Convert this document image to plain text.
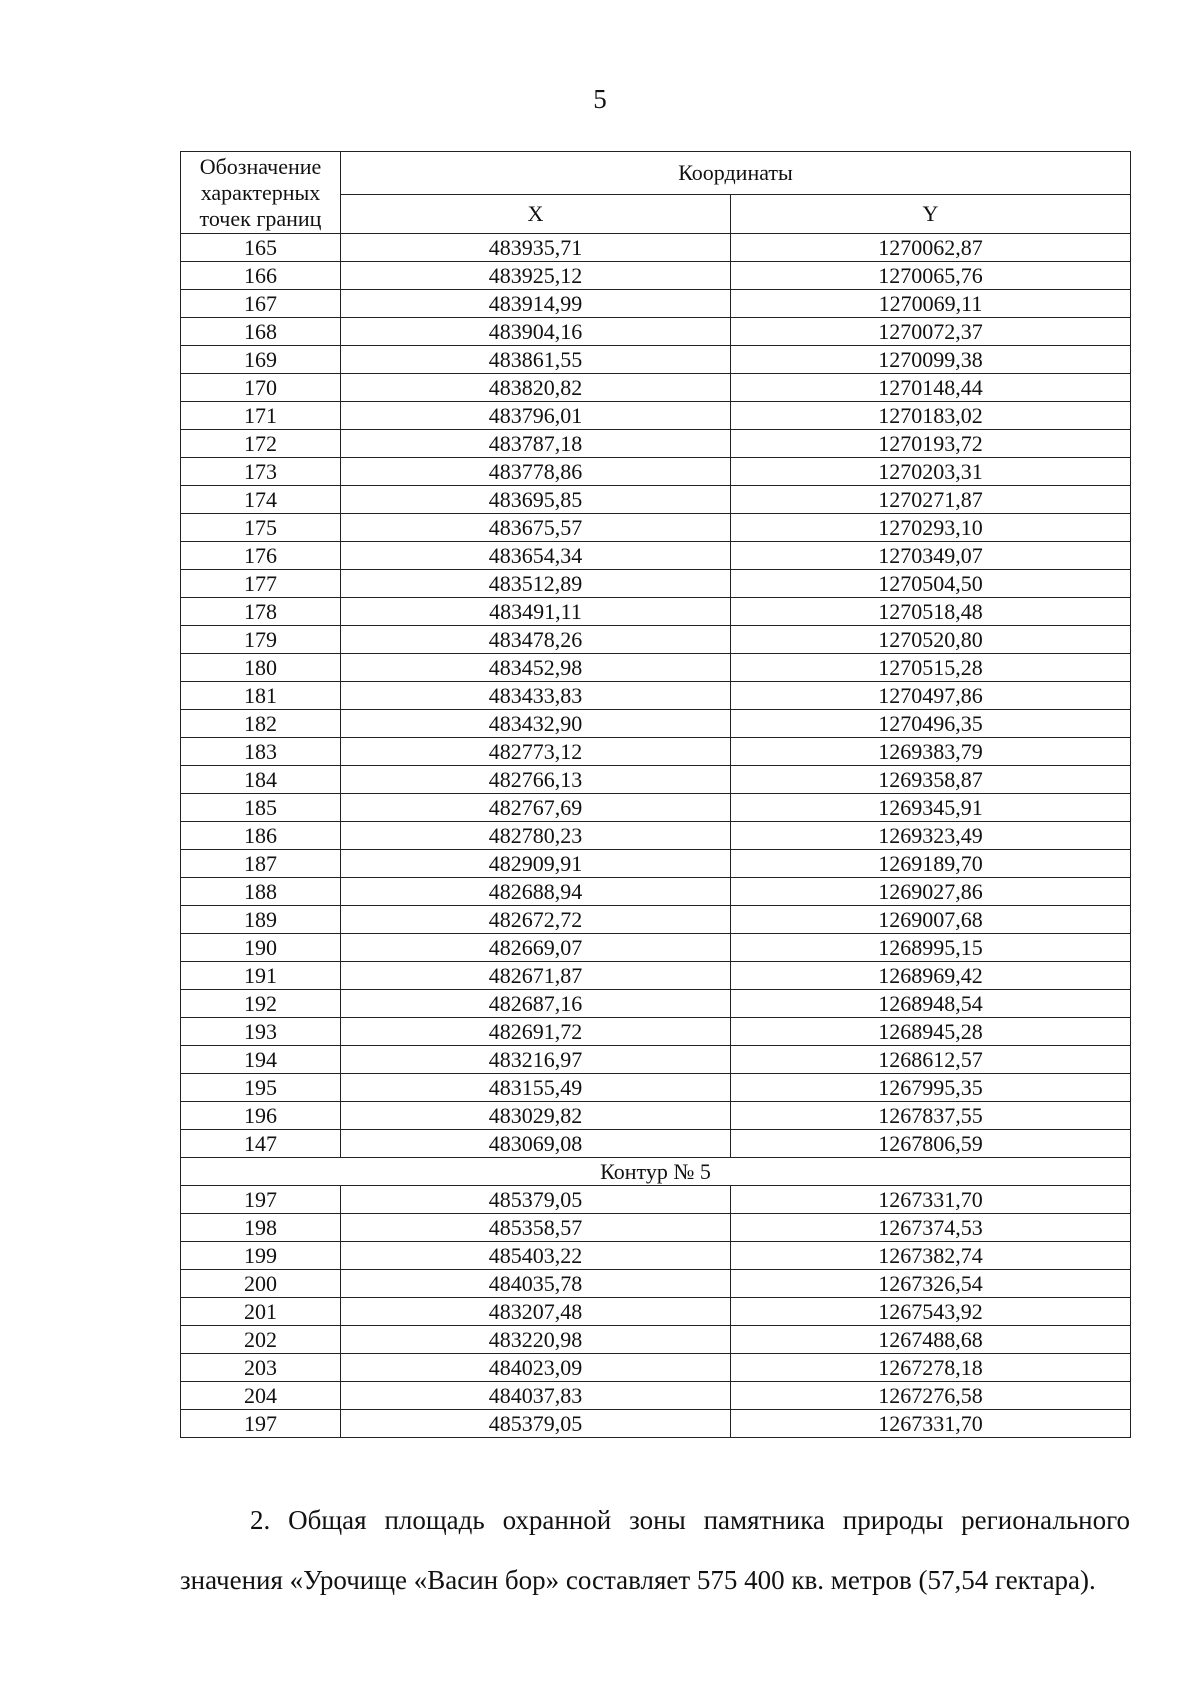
5
Обозначение характерных точек границ	Координаты	
	X	Y
165	483935,71	1270062,87
166	483925,12	1270065,76
167	483914,99	1270069,11
168	483904,16	1270072,37
169	483861,55	1270099,38
170	483820,82	1270148,44
171	483796,01	1270183,02
172	483787,18	1270193,72
173	483778,86	1270203,31
174	483695,85	1270271,87
175	483675,57	1270293,10
176	483654,34	1270349,07
177	483512,89	1270504,50
178	483491,11	1270518,48
179	483478,26	1270520,80
180	483452,98	1270515,28
181	483433,83	1270497,86
182	483432,90	1270496,35
183	482773,12	1269383,79
184	482766,13	1269358,87
185	482767,69	1269345,91
186	482780,23	1269323,49
187	482909,91	1269189,70
188	482688,94	1269027,86
189	482672,72	1269007,68
190	482669,07	1268995,15
191	482671,87	1268969,42
192	482687,16	1268948,54
193	482691,72	1268945,28
194	483216,97	1268612,57
195	483155,49	1267995,35
196	483029,82	1267837,55
147	483069,08	1267806,59
Контур № 5		
197	485379,05	1267331,70
198	485358,57	1267374,53
199	485403,22	1267382,74
200	484035,78	1267326,54
201	483207,48	1267543,92
202	483220,98	1267488,68
203	484023,09	1267278,18
204	484037,83	1267276,58
197	485379,05	1267331,70
2. Общая площадь охранной зоны памятника природы регионального
значения «Урочище «Васин бор» составляет 575 400 кв. метров (57,54 гектара).
